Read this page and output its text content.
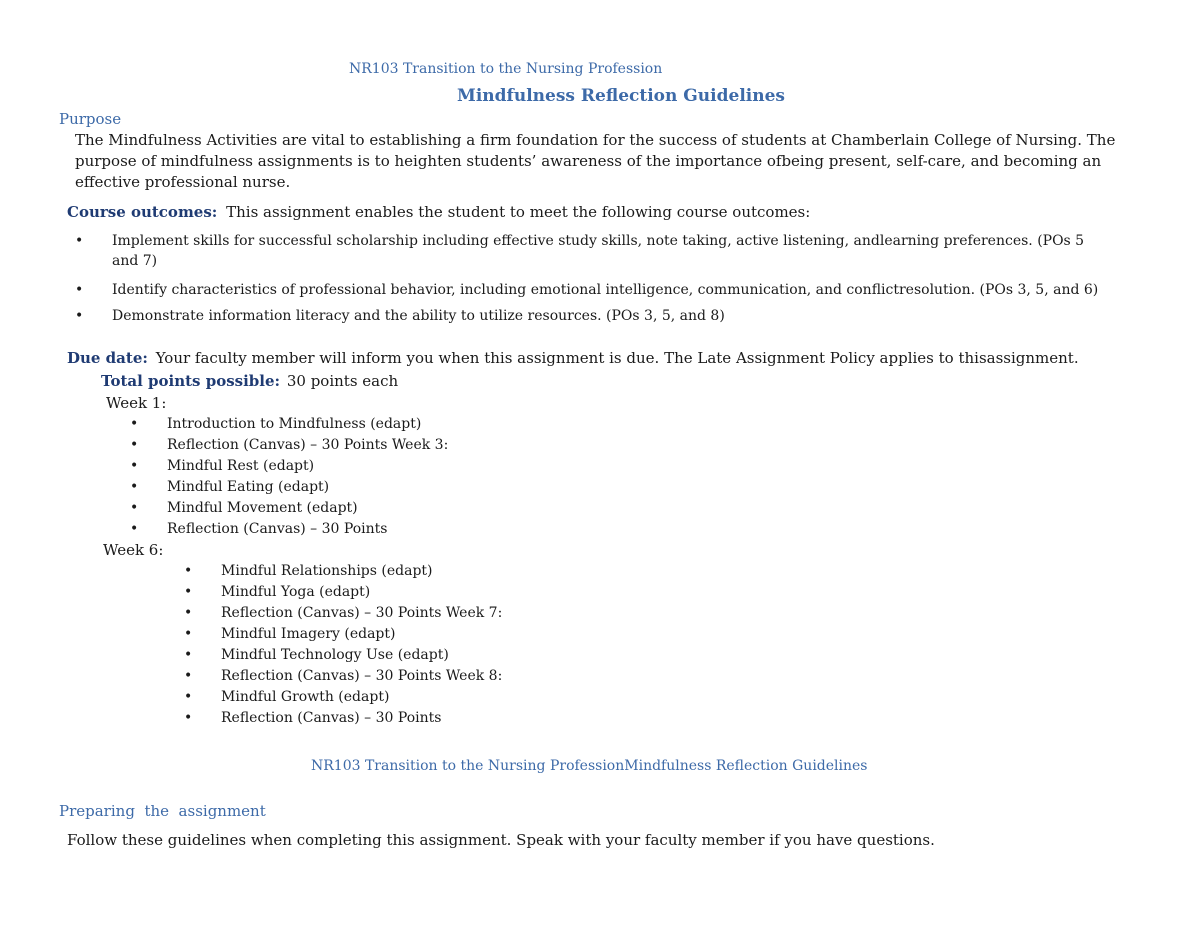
NR103 Transition to the Nursing Profession
Mindfulness Reflection Guidelines
Purpose
The Mindfulness Activities are vital to establishing a firm foundation for the success of students at Chamberlain College of Nursing. The purpose of mindfulness assignments is to heighten students’ awareness of the importance ofbeing present, self-care, and becoming an effective professional nurse.
Course outcomes: This assignment enables the student to meet the following course outcomes:
• Implement skills for successful scholarship including effective study skills, note taking, active listening, andlearning preferences. (POs 5 and 7)
• Identify characteristics of professional behavior, including emotional intelligence, communication, and conflictresolution. (POs 3, 5, and 6)
• Demonstrate information literacy and the ability to utilize resources. (POs 3, 5, and 8)
Due date: Your faculty member will inform you when this assignment is due. The Late Assignment Policy applies to thisassignment.
Total points possible: 30 points each
Week 1:
• Introduction to Mindfulness (edapt)
• Reflection (Canvas) – 30 Points Week 3:
• Mindful Rest (edapt)
• Mindful Eating (edapt)
• Mindful Movement (edapt)
• Reflection (Canvas) – 30 Points
Week 6:
• Mindful Relationships (edapt)
• Mindful Yoga (edapt)
• Reflection (Canvas) – 30 Points Week 7:
• Mindful Imagery (edapt)
• Mindful Technology Use (edapt)
• Reflection (Canvas) – 30 Points Week 8:
• Mindful Growth (edapt)
• Reflection (Canvas) – 30 Points
NR103 Transition to the Nursing ProfessionMindfulness Reflection Guidelines
Preparing  the  assignment
Follow these guidelines when completing this assignment. Speak with your faculty member if you have questions.
